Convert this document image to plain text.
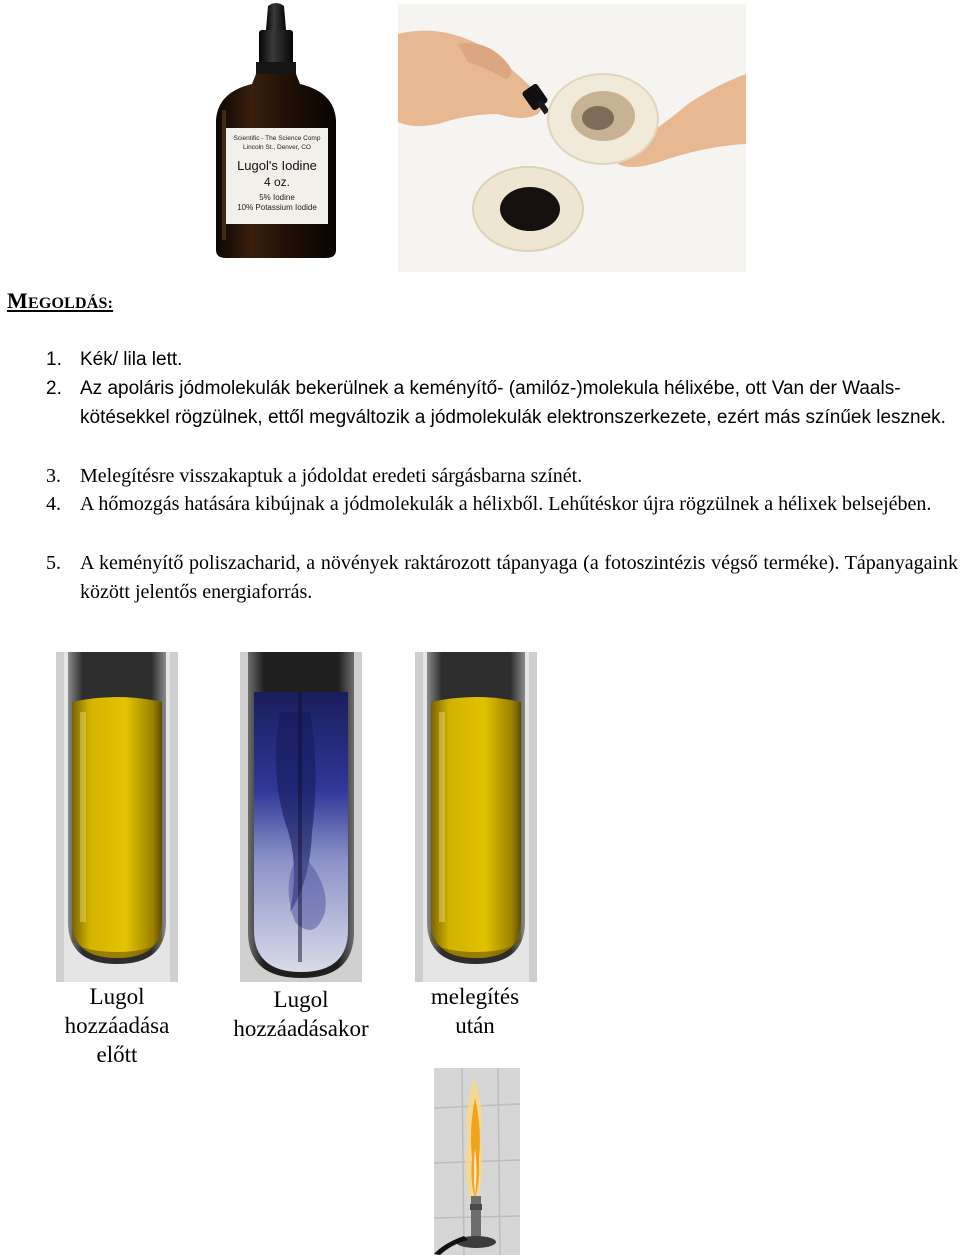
Scientific - The Science Comp
Lincoln St., Denver, CO
Lugol's Iodine
4 oz.
5% Iodine
10% Potassium Iodide
MEGOLDÁS:
1. Kék/ lila lett.
2. Az apoláris jódmolekulák bekerülnek a keményítő- (amilóz-)molekula hélixébe, ott Van der Waals-kötésekkel rögzülnek, ettől megváltozik a jódmolekulák elektronszerkezete, ezért más színűek lesznek.
3. Melegítésre visszakaptuk a jódoldat eredeti sárgásbarna színét.
4. A hőmozgás hatására kibújnak a jódmolekulák a hélixből. Lehűtéskor újra rögzülnek a hélixek belsejében.
5. A keményítő poliszacharid, a növények raktározott tápanyaga (a fotoszintézis végső terméke). Tápanyagaink között jelentős energiaforrás.
Lugol
hozzáadása
előtt
Lugol
hozzáadásakor
melegítés
után
